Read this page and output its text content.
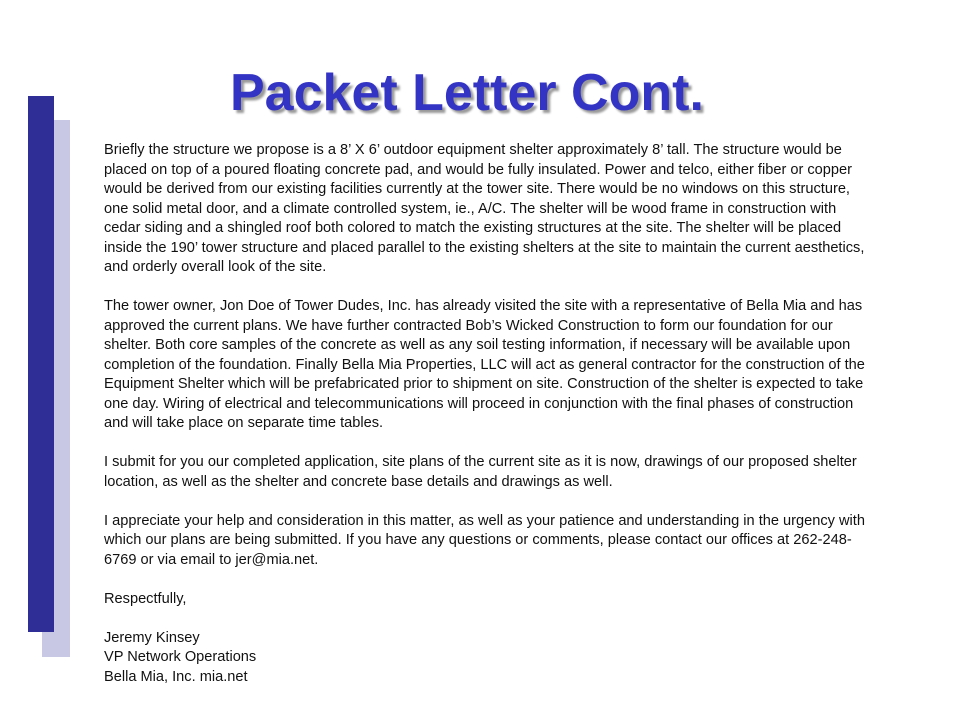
Packet Letter Cont.

Briefly the structure we propose is a 8’ X 6’ outdoor equipment shelter approximately 8’ tall. The structure would be
placed on top of a poured floating concrete pad, and would be fully insulated. Power and telco, either fiber or copper
would be derived from our existing facilities currently at the tower site. There would be no windows on this structure,
one solid metal door, and a climate controlled system, ie., A/C. The shelter will be wood frame in construction with
cedar siding and a shingled roof both colored to match the existing structures at the site. The shelter will be placed
inside the 190’ tower structure and placed parallel to the existing shelters at the site to maintain the current aesthetics,
and orderly overall look of the site.

The tower owner, Jon Doe of Tower Dudes, Inc. has already visited the site with a representative of Bella Mia and has
approved the current plans. We have further contracted Bob’s Wicked Construction to form our foundation for our
shelter. Both core samples of the concrete as well as any soil testing information, if necessary will be available upon
completion of the foundation. Finally Bella Mia Properties, LLC will act as general contractor for the construction of the
Equipment Shelter which will be prefabricated prior to shipment on site. Construction of the shelter is expected to take
one day. Wiring of electrical and telecommunications will proceed in conjunction with the final phases of construction
and will take place on separate time tables.

I submit for you our completed application, site plans of the current site as it is now, drawings of our proposed shelter
location, as well as the shelter and concrete base details and drawings as well.

I appreciate your help and consideration in this matter, as well as your patience and understanding in the urgency with
which our plans are being submitted. If you have any questions or comments, please contact our offices at 262-248-
6769 or via email to jer@mia.net.

Respectfully,

Jeremy Kinsey
VP Network Operations
Bella Mia, Inc. mia.net
